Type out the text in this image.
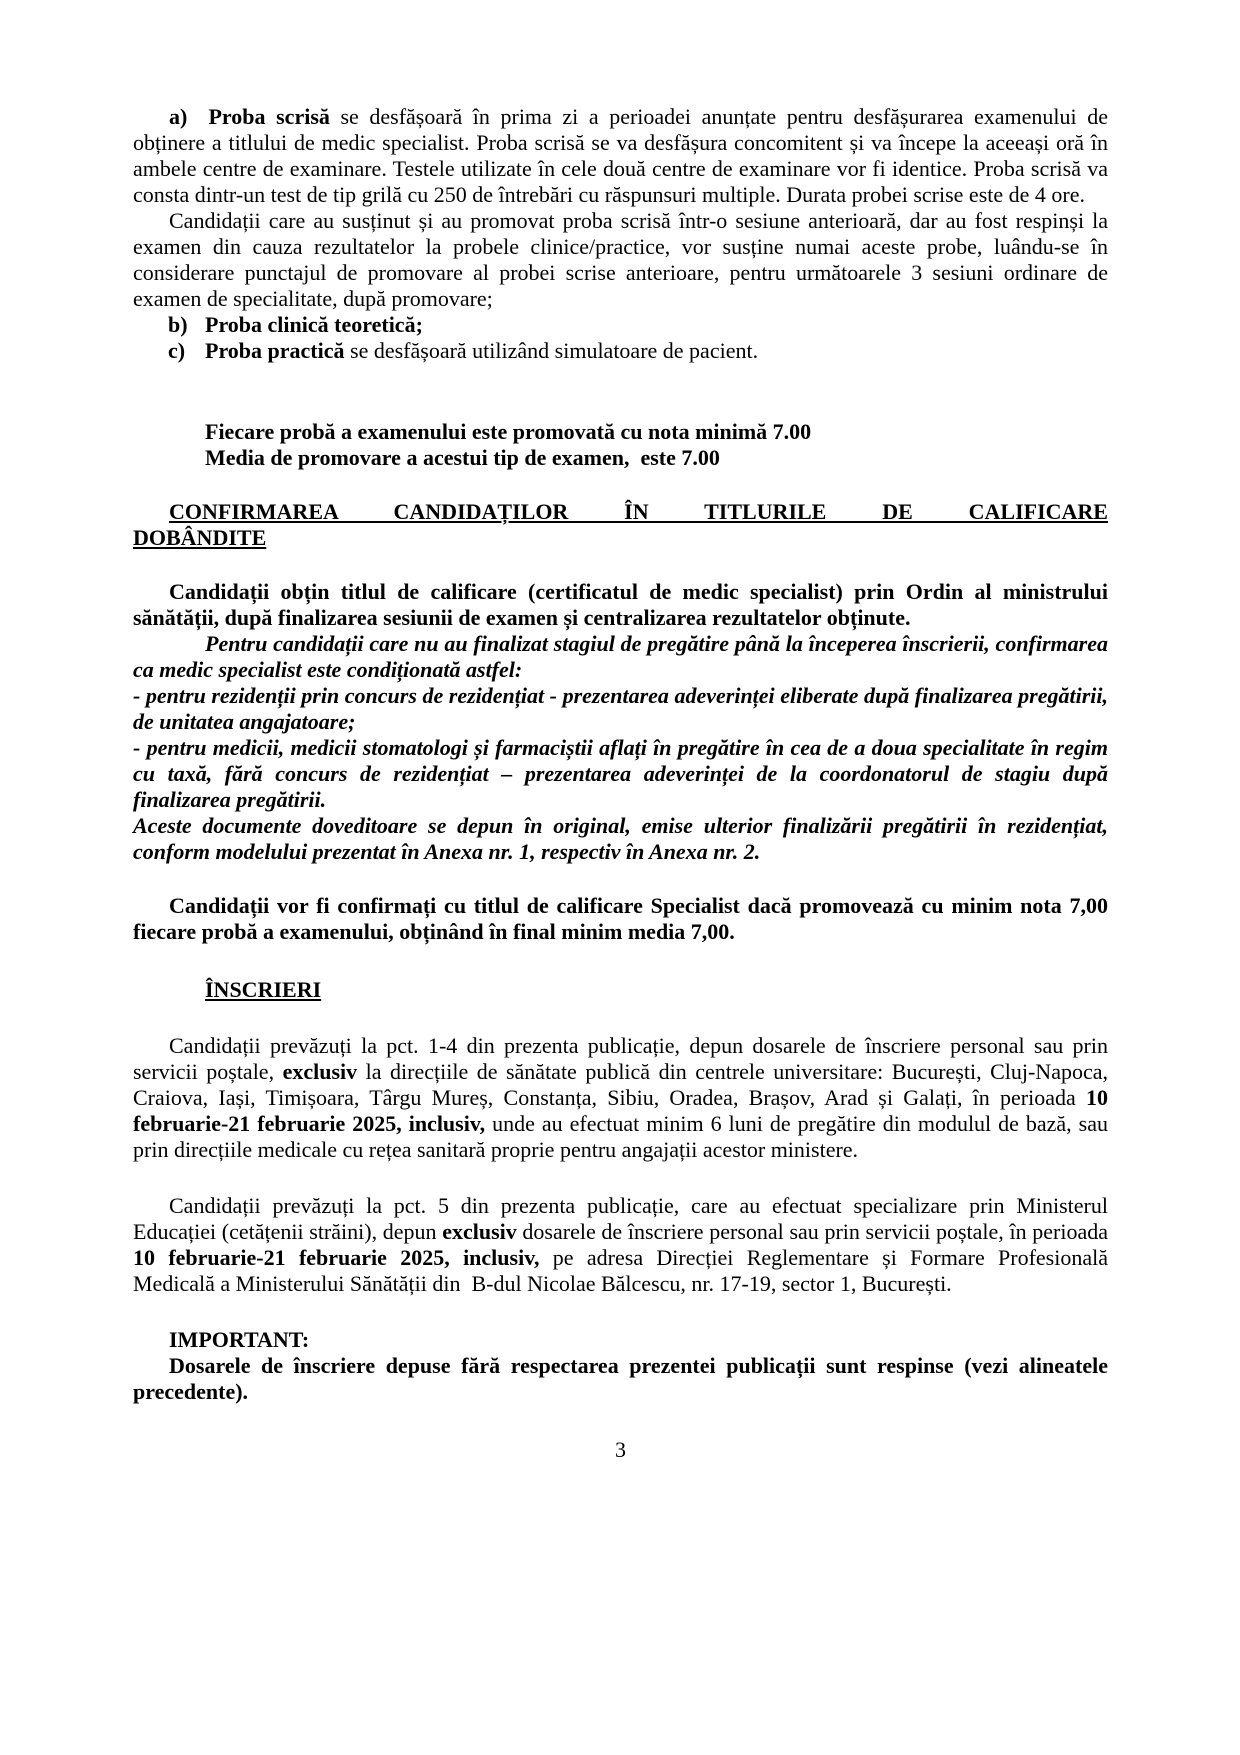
a)  Proba scrisă se desfășoară în prima zi a perioadei anunțate pentru desfășurarea examenului de obținere a titlului de medic specialist. Proba scrisă se va desfășura concomitent și va începe la aceeași oră în ambele centre de examinare. Testele utilizate în cele două centre de examinare vor fi identice. Proba scrisă va consta dintr-un test de tip grilă cu 250 de întrebări cu răspunsuri multiple. Durata probei scrise este de 4 ore.

Candidații care au susținut și au promovat proba scrisă într-o sesiune anterioară, dar au fost respinși la examen din cauza rezultatelor la probele clinice/practice, vor susține numai aceste probe, luându-se în considerare punctajul de promovare al probei scrise anterioare, pentru următoarele 3 sesiuni ordinare de examen de specialitate, după promovare;

b) Proba clinică teoretică;

c) Proba practică se desfășoară utilizând simulatoare de pacient.

Fiecare probă a examenului este promovată cu nota minimă 7.00

Media de promovare a acestui tip de examen,  este 7.00

CONFIRMAREA CANDIDAȚILOR ÎN TITLURILE DE CALIFICARE
DOBÂNDITE

Candidații obțin titlul de calificare (certificatul de medic specialist) prin Ordin al ministrului sănătății, după finalizarea sesiunii de examen și centralizarea rezultatelor obținute.

Pentru candidații care nu au finalizat stagiul de pregătire până la începerea înscrierii, confirmarea ca medic specialist este condiționată astfel:

- pentru rezidenții prin concurs de rezidențiat - prezentarea adeverinței eliberate după finalizarea pregătirii, de unitatea angajatoare;

- pentru medicii, medicii stomatologi și farmaciștii aflați în pregătire în cea de a doua specialitate în regim cu taxă, fără concurs de rezidențiat – prezentarea adeverinței de la coordonatorul de stagiu după finalizarea pregătirii.

Aceste documente doveditoare se depun în original, emise ulterior finalizării pregătirii în rezidențiat, conform modelului prezentat în Anexa nr. 1, respectiv în Anexa nr. 2.

Candidații vor fi confirmați cu titlul de calificare Specialist dacă promovează cu minim nota 7,00 fiecare probă a examenului, obținând în final minim media 7,00.

ÎNSCRIERI

Candidații prevăzuți la pct. 1-4 din prezenta publicație, depun dosarele de înscriere personal sau prin servicii poștale, exclusiv la direcțiile de sănătate publică din centrele universitare: București, Cluj-Napoca, Craiova, Iași, Timișoara, Târgu Mureș, Constanța, Sibiu, Oradea, Brașov, Arad și Galați, în perioada 10 februarie-21 februarie 2025, inclusiv, unde au efectuat minim 6 luni de pregătire din modulul de bază, sau prin direcțiile medicale cu rețea sanitară proprie pentru angajații acestor ministere.

Candidații prevăzuți la pct. 5 din prezenta publicație, care au efectuat specializare prin Ministerul Educației (cetățenii străini), depun exclusiv dosarele de înscriere personal sau prin servicii poștale, în perioada 10 februarie-21 februarie 2025, inclusiv, pe adresa Direcției Reglementare și Formare Profesională Medicală a Ministerului Sănătății din  B-dul Nicolae Bălcescu, nr. 17-19, sector 1, București.

IMPORTANT:

Dosarele de înscriere depuse fără respectarea prezentei publicații sunt respinse (vezi alineatele precedente).

3
